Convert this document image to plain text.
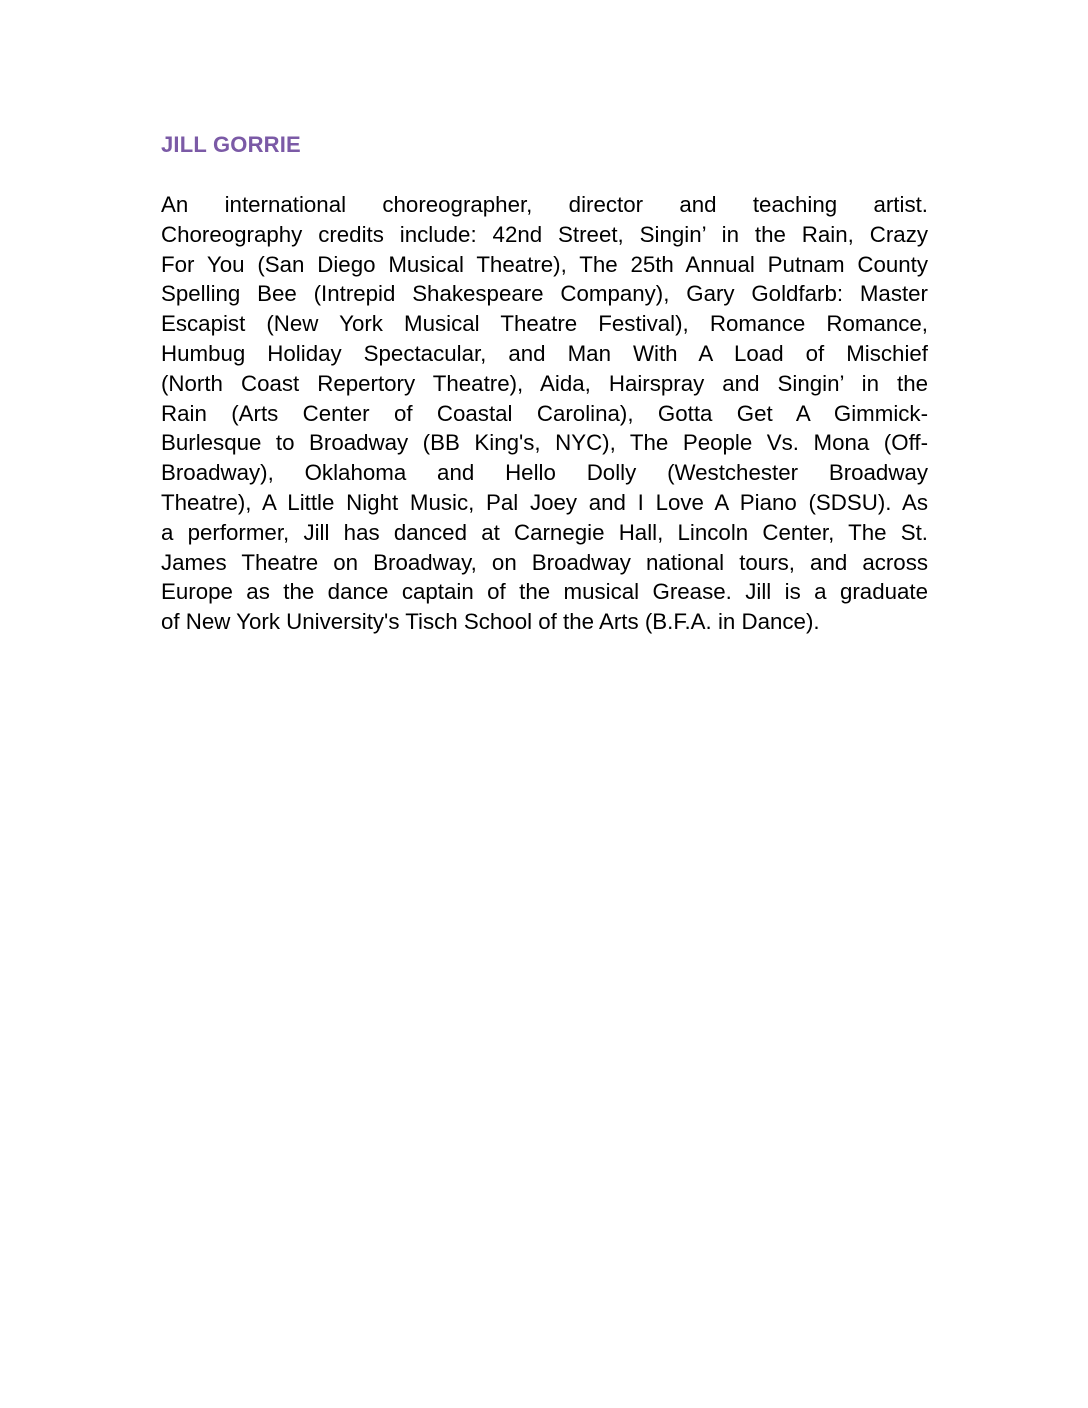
JILL GORRIE
An international choreographer, director and teaching artist.
Choreography credits include: 42nd Street, Singin’ in the Rain, Crazy
For You (San Diego Musical Theatre), The 25th Annual Putnam County
Spelling Bee (Intrepid Shakespeare Company), Gary Goldfarb: Master
Escapist (New York Musical Theatre Festival), Romance Romance,
Humbug Holiday Spectacular, and Man With A Load of Mischief
(North Coast Repertory Theatre), Aida, Hairspray and Singin’ in the
Rain (Arts Center of Coastal Carolina), Gotta Get A Gimmick-
Burlesque to Broadway (BB King's, NYC), The People Vs. Mona (Off-
Broadway), Oklahoma and Hello Dolly (Westchester Broadway
Theatre), A Little Night Music, Pal Joey and I Love A Piano (SDSU). As
a performer, Jill has danced at Carnegie Hall, Lincoln Center, The St.
James Theatre on Broadway, on Broadway national tours, and across
Europe as the dance captain of the musical Grease. Jill is a graduate
of New York University's Tisch School of the Arts (B.F.A. in Dance).
